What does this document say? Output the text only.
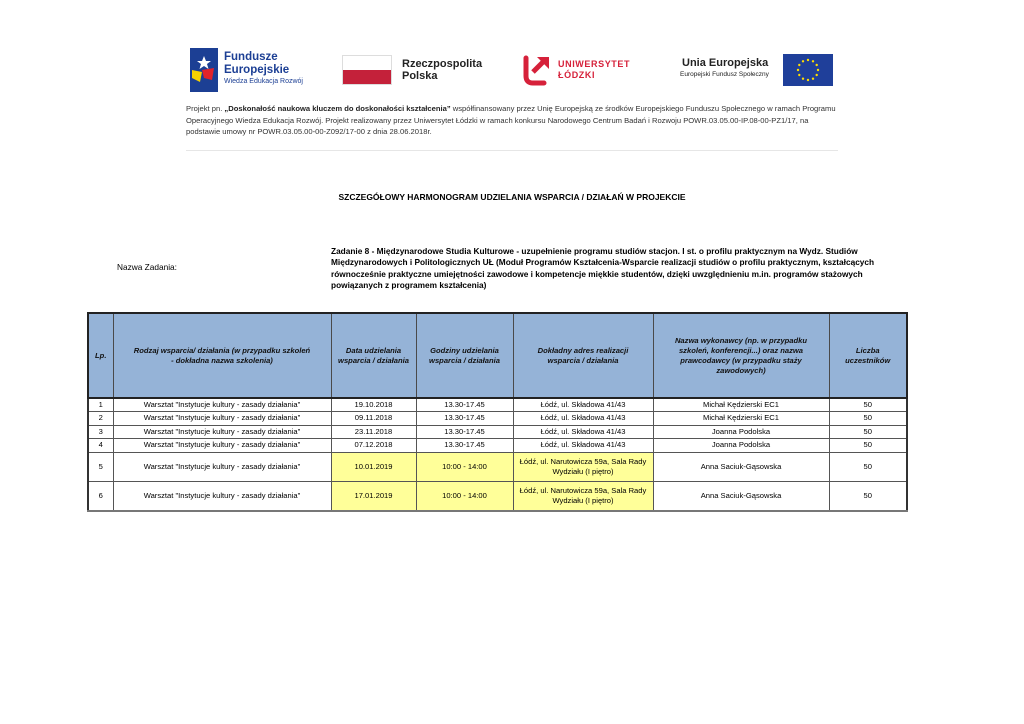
Fundusze
Europejskie
Wiedza Edukacja Rozwój
Rzeczpospolita
Polska
UNIWERSYTET
ŁÓDZKI
Unia Europejska
Europejski Fundusz Społeczny
Projekt pn. „Doskonałość naukowa kluczem do doskonałości kształcenia” współfinansowany przez Unię Europejską ze środków Europejskiego Funduszu Społecznego w ramach Programu Operacyjnego Wiedza Edukacja Rozwój. Projekt realizowany przez Uniwersytet Łódzki w ramach konkursu Narodowego Centrum Badań i Rozwoju POWR.03.05.00-IP.08-00-PZ1/17, na podstawie umowy nr POWR.03.05.00-00-Z092/17-00 z dnia 28.06.2018r.
SZCZEGÓŁOWY HARMONOGRAM UDZIELANIA WSPARCIA / DZIAŁAŃ W PROJEKCIE
Nazwa Zadania:
Zadanie 8 - Międzynarodowe Studia Kulturowe - uzupełnienie programu studiów stacjon. I st. o profilu praktycznym na Wydz. Studiów Międzynarodowych i Politologicznych UŁ (Moduł Programów Kształcenia-Wsparcie realizacji studiów o profilu praktycznym, kształcących równocześnie praktyczne umiejętności zawodowe i kompetencje miękkie studentów, dzięki uwzględnieniu m.in. programów stażowych powiązanych z programem kształcenia)
Lp.	Rodzaj wsparcia/ działania (w przypadku szkoleń - dokładna nazwa szkolenia)	Data udzielania wsparcia / działania	Godziny udzielania wsparcia / działania	Dokładny adres realizacji wsparcia / działania	Nazwa wykonawcy (np. w przypadku szkoleń, konferencji...) oraz nazwa prawcodawcy (w przypadku staży zawodowych)	Liczba uczestników
1	Warsztat "Instytucje kultury - zasady działania"	19.10.2018	13.30-17.45	Łódź, ul. Składowa 41/43	Michał Kędzierski EC1	50
2	Warsztat "Instytucje kultury - zasady działania"	09.11.2018	13.30-17.45	Łódź, ul. Składowa 41/43	Michał Kędzierski EC1	50
3	Warsztat "Instytucje kultury - zasady działania"	23.11.2018	13.30-17.45	Łódź, ul. Składowa 41/43	Joanna Podolska	50
4	Warsztat "Instytucje kultury - zasady działania"	07.12.2018	13.30-17.45	Łódź, ul. Składowa 41/43	Joanna Podolska	50
5	Warsztat "Instytucje kultury - zasady działania"	10.01.2019	10:00 - 14:00	Łódź, ul. Narutowicza 59a, Sala Rady Wydziału (I piętro)	Anna Saciuk-Gąsowska	50
6	Warsztat "Instytucje kultury - zasady działania"	17.01.2019	10:00 - 14:00	Łódź, ul. Narutowicza 59a, Sala Rady Wydziału (I piętro)	Anna Saciuk-Gąsowska	50
